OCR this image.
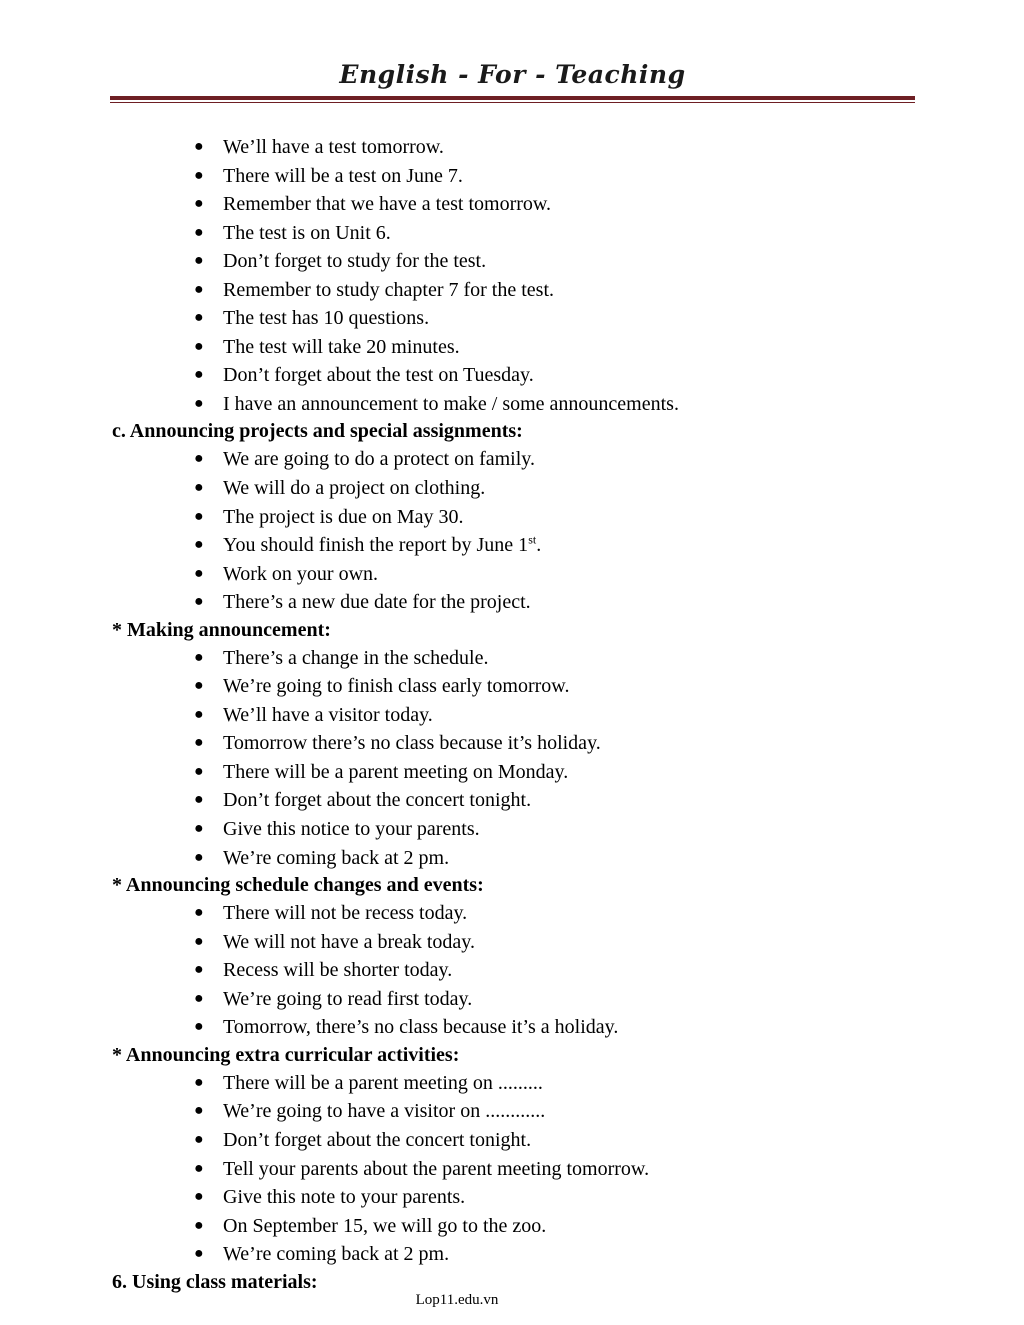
English - For - Teaching
● We’ll have a test tomorrow.
● There will be a test on June 7.
● Remember that we have a test tomorrow.
● The test is on Unit 6.
● Don’t forget to study for the test.
● Remember to study chapter 7 for the test.
● The test has 10 questions.
● The test will take 20 minutes.
● Don’t forget about the test on Tuesday.
● I have an announcement to make / some announcements.
c. Announcing projects and special assignments:
● We are going to do a protect on family.
● We will do a project on clothing.
● The project is due on May 30.
● You should finish the report by June 1st.
● Work on your own.
● There’s a new due date for the project.
* Making announcement:
● There’s a change in the schedule.
● We’re going to finish class early tomorrow.
● We’ll have a visitor today.
● Tomorrow there’s no class because it’s holiday.
● There will be a parent meeting on Monday.
● Don’t forget about the concert tonight.
● Give this notice to your parents.
● We’re coming back at 2 pm.
* Announcing schedule changes and events:
● There will not be recess today.
● We will not have a break today.
● Recess will be shorter today.
● We’re going to read first today.
● Tomorrow, there’s no class because it’s a holiday.
* Announcing extra curricular activities:
● There will be a parent meeting on .........
● We’re going to have a visitor on ............
● Don’t forget about the concert tonight.
● Tell your parents about the parent meeting tomorrow.
● Give this note to your parents.
● On September 15, we will go to the zoo.
● We’re coming back at 2 pm.
6. Using class materials:
Lop11.edu.vn
